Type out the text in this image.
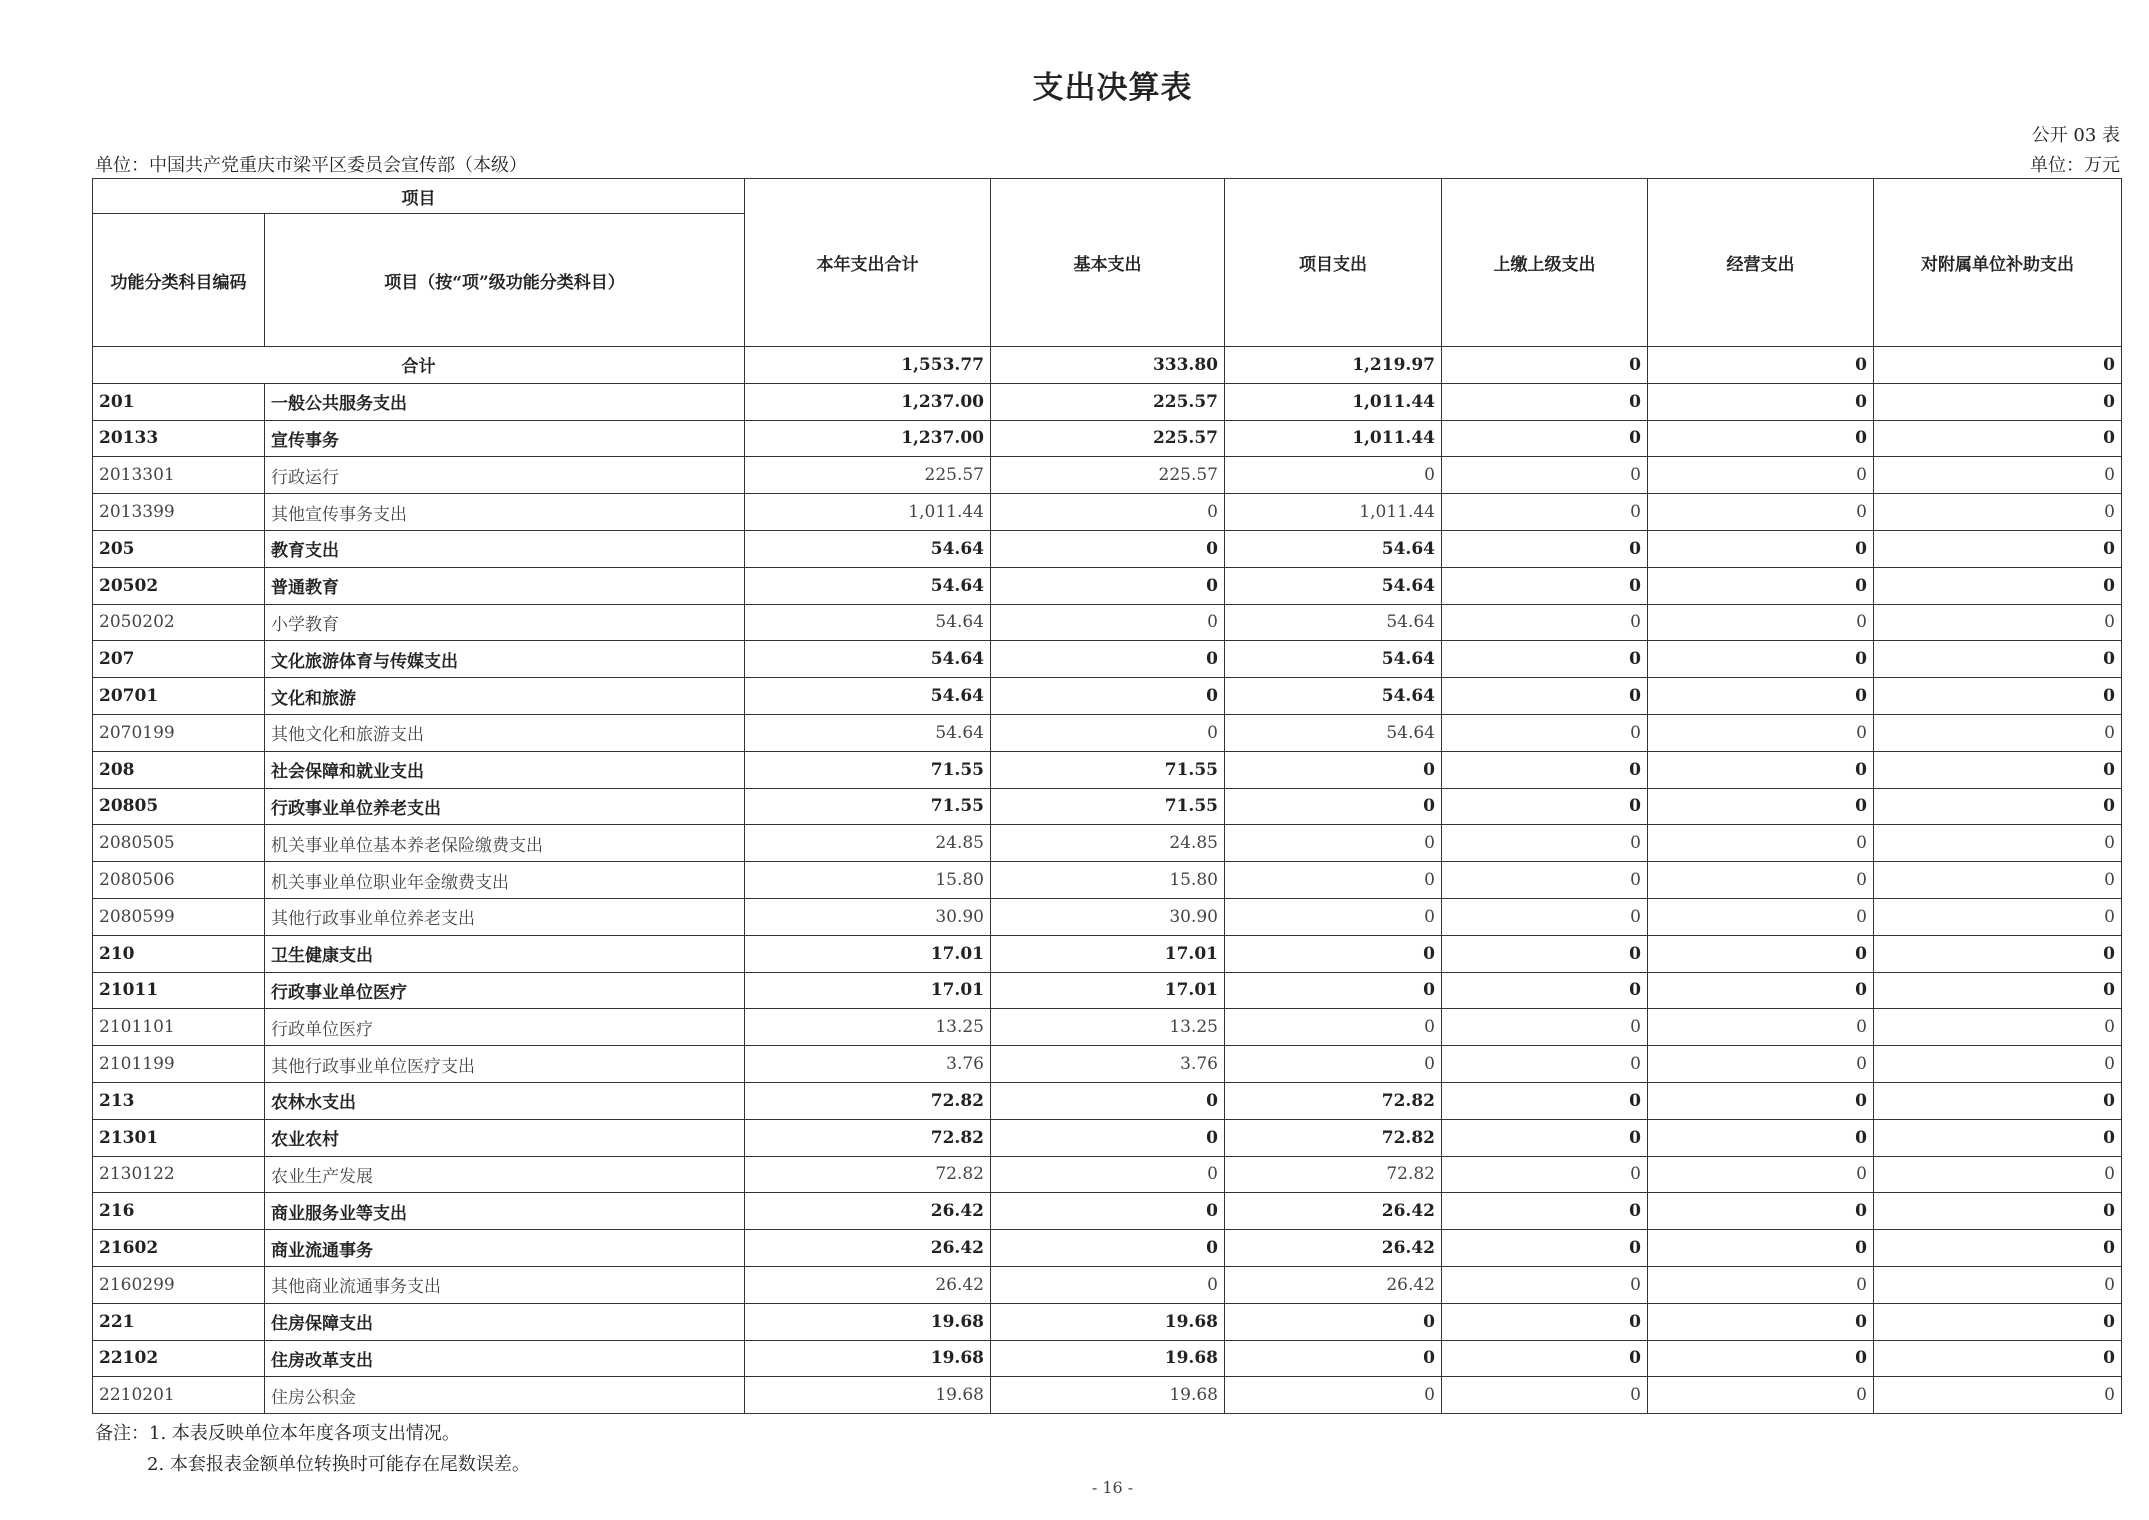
支出决算表
公开 03 表
单位：中国共产党重庆市梁平区委员会宣传部（本级）	单位：万元
项目		本年支出合计	基本支出	项目支出	上缴上级支出	经营支出	对附属单位补助支出
功能分类科目编码	项目（按“项”级功能分类科目）						
合计		1,553.77	333.80	1,219.97	0	0	0
201	一般公共服务支出	1,237.00	225.57	1,011.44	0	0	0
20133	宣传事务	1,237.00	225.57	1,011.44	0	0	0
2013301	行政运行	225.57	225.57	0	0	0	0
2013399	其他宣传事务支出	1,011.44	0	1,011.44	0	0	0
205	教育支出	54.64	0	54.64	0	0	0
20502	普通教育	54.64	0	54.64	0	0	0
2050202	小学教育	54.64	0	54.64	0	0	0
207	文化旅游体育与传媒支出	54.64	0	54.64	0	0	0
20701	文化和旅游	54.64	0	54.64	0	0	0
2070199	其他文化和旅游支出	54.64	0	54.64	0	0	0
208	社会保障和就业支出	71.55	71.55	0	0	0	0
20805	行政事业单位养老支出	71.55	71.55	0	0	0	0
2080505	机关事业单位基本养老保险缴费支出	24.85	24.85	0	0	0	0
2080506	机关事业单位职业年金缴费支出	15.80	15.80	0	0	0	0
2080599	其他行政事业单位养老支出	30.90	30.90	0	0	0	0
210	卫生健康支出	17.01	17.01	0	0	0	0
21011	行政事业单位医疗	17.01	17.01	0	0	0	0
2101101	行政单位医疗	13.25	13.25	0	0	0	0
2101199	其他行政事业单位医疗支出	3.76	3.76	0	0	0	0
213	农林水支出	72.82	0	72.82	0	0	0
21301	农业农村	72.82	0	72.82	0	0	0
2130122	农业生产发展	72.82	0	72.82	0	0	0
216	商业服务业等支出	26.42	0	26.42	0	0	0
21602	商业流通事务	26.42	0	26.42	0	0	0
2160299	其他商业流通事务支出	26.42	0	26.42	0	0	0
221	住房保障支出	19.68	19.68	0	0	0	0
22102	住房改革支出	19.68	19.68	0	0	0	0
2210201	住房公积金	19.68	19.68	0	0	0	0
备注：1. 本表反映单位本年度各项支出情况。
2. 本套报表金额单位转换时可能存在尾数误差。
- 16 -
